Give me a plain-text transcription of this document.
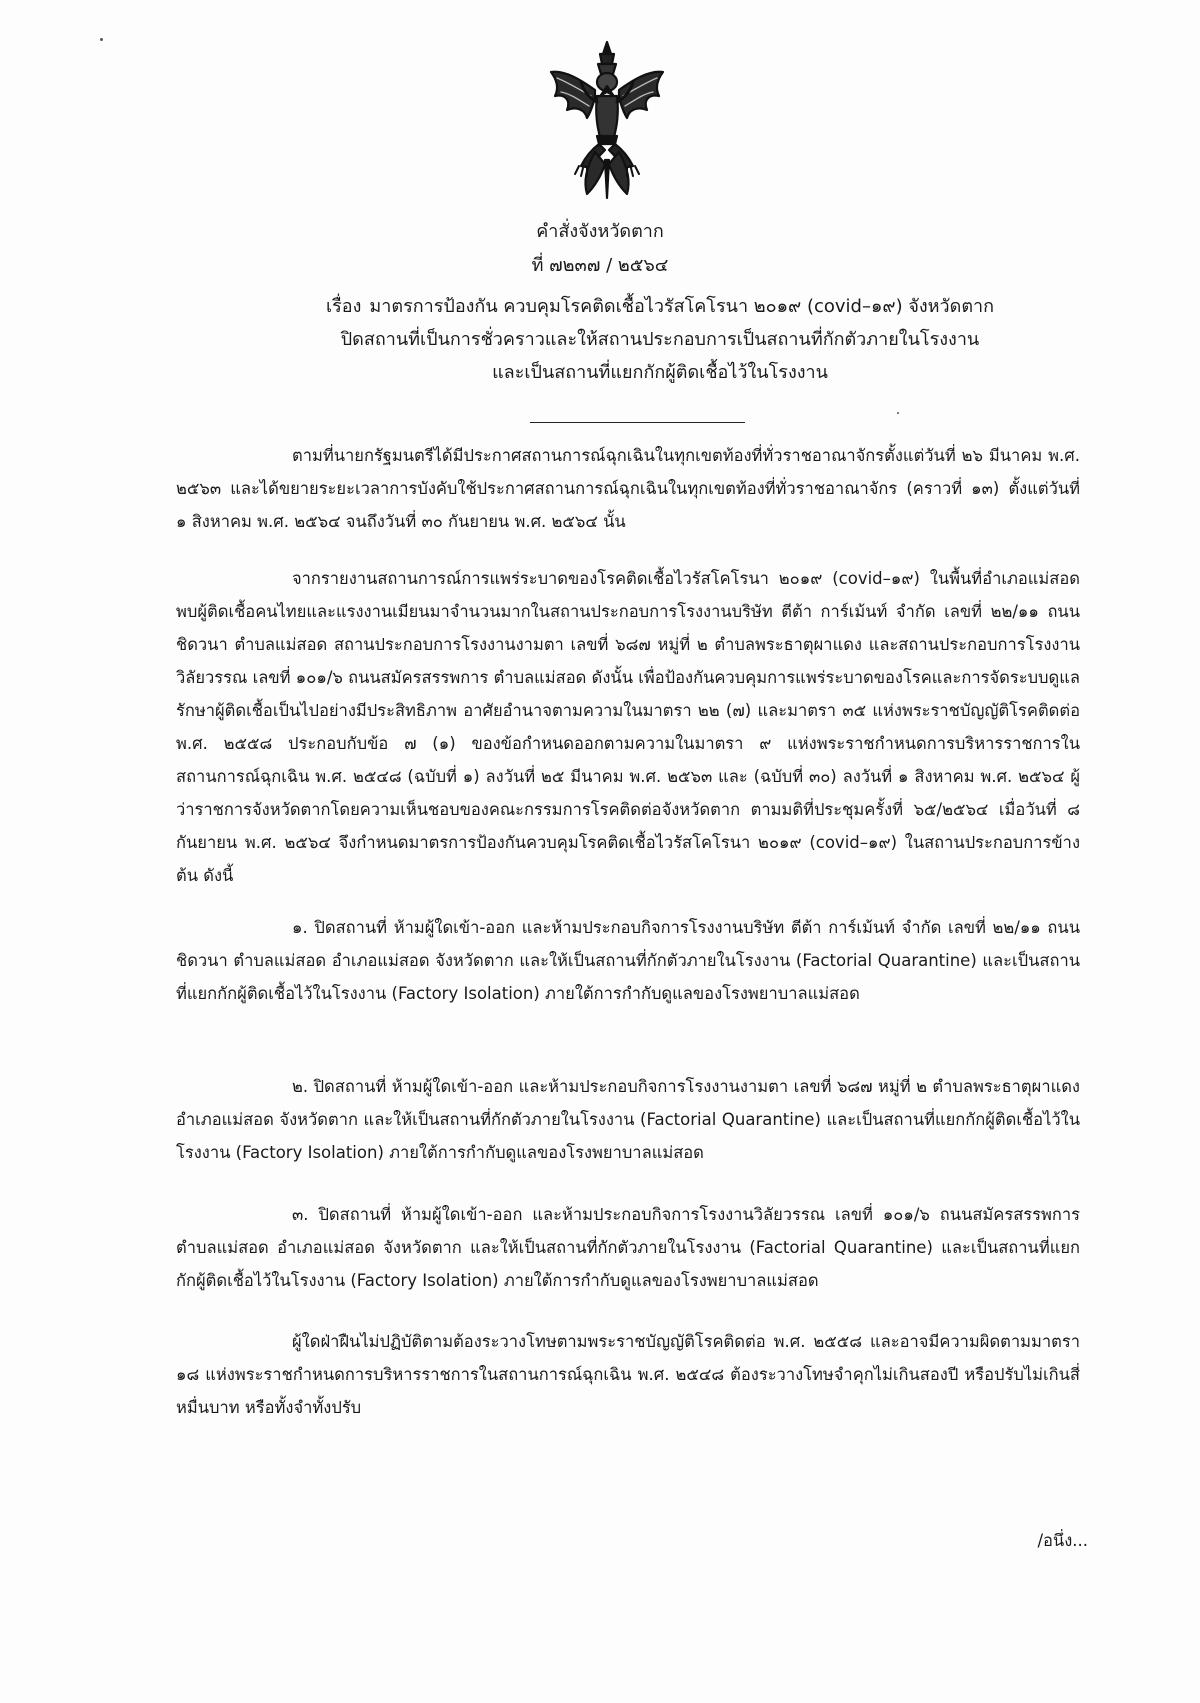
คำสั่งจังหวัดตาก
ที่ ๗๒๓๗ / ๒๕๖๔
เรื่อง มาตรการป้องกัน ควบคุมโรคติดเชื้อไวรัสโคโรนา ๒๐๑๙ (covid–๑๙) จังหวัดตาก
ปิดสถานที่เป็นการชั่วคราวและให้สถานประกอบการเป็นสถานที่กักตัวภายในโรงงาน
และเป็นสถานที่แยกกักผู้ติดเชื้อไว้ในโรงงาน

ตามที่นายกรัฐมนตรีได้มีประกาศสถานการณ์ฉุกเฉินในทุกเขตท้องที่ทั่วราชอาณาจักรตั้งแต่วันที่ ๒๖ มีนาคม พ.ศ. ๒๕๖๓ และได้ขยายระยะเวลาการบังคับใช้ประกาศสถานการณ์ฉุกเฉินในทุกเขตท้องที่ทั่วราชอาณาจักร (คราวที่ ๑๓) ตั้งแต่วันที่ ๑ สิงหาคม พ.ศ. ๒๕๖๔ จนถึงวันที่ ๓๐ กันยายน พ.ศ. ๒๕๖๔ นั้น

จากรายงานสถานการณ์การแพร่ระบาดของโรคติดเชื้อไวรัสโคโรนา ๒๐๑๙ (covid–๑๙) ในพื้นที่อำเภอแม่สอด พบผู้ติดเชื้อคนไทยและแรงงานเมียนมาจำนวนมากในสถานประกอบการโรงงานบริษัท ตีต้า การ์เม้นท์ จำกัด เลขที่ ๒๒/๑๑ ถนนชิดวนา ตำบลแม่สอด สถานประกอบการโรงงานงามตา เลขที่ ๖๘๗ หมู่ที่ ๒ ตำบลพระธาตุผาแดง และสถานประกอบการโรงงานวิลัยวรรณ เลขที่ ๑๐๑/๖ ถนนสมัครสรรพการ ตำบลแม่สอด ดังนั้น เพื่อป้องกันควบคุมการแพร่ระบาดของโรคและการจัดระบบดูแลรักษาผู้ติดเชื้อเป็นไปอย่างมีประสิทธิภาพ อาศัยอำนาจตามความในมาตรา ๒๒ (๗) และมาตรา ๓๕ แห่งพระราชบัญญัติโรคติดต่อ พ.ศ. ๒๕๕๘ ประกอบกับข้อ ๗ (๑) ของข้อกำหนดออกตามความในมาตรา ๙ แห่งพระราชกำหนดการบริหารราชการในสถานการณ์ฉุกเฉิน พ.ศ. ๒๕๔๘ (ฉบับที่ ๑) ลงวันที่ ๒๕ มีนาคม พ.ศ. ๒๕๖๓ และ (ฉบับที่ ๓๐) ลงวันที่ ๑ สิงหาคม พ.ศ. ๒๕๖๔ ผู้ว่าราชการจังหวัดตากโดยความเห็นชอบของคณะกรรมการโรคติดต่อจังหวัดตาก ตามมติที่ประชุมครั้งที่ ๖๕/๒๕๖๔ เมื่อวันที่ ๘ กันยายน พ.ศ. ๒๕๖๔ จึงกำหนดมาตรการป้องกันควบคุมโรคติดเชื้อไวรัสโคโรนา ๒๐๑๙ (covid–๑๙) ในสถานประกอบการข้างต้น ดังนี้

๑. ปิดสถานที่ ห้ามผู้ใดเข้า-ออก และห้ามประกอบกิจการโรงงานบริษัท ตีต้า การ์เม้นท์ จำกัด เลขที่ ๒๒/๑๑ ถนนชิดวนา ตำบลแม่สอด อำเภอแม่สอด จังหวัดตาก และให้เป็นสถานที่กักตัวภายในโรงงาน (Factorial Quarantine) และเป็นสถานที่แยกกักผู้ติดเชื้อไว้ในโรงงาน (Factory Isolation) ภายใต้การกำกับดูแลของโรงพยาบาลแม่สอด

๒. ปิดสถานที่ ห้ามผู้ใดเข้า-ออก และห้ามประกอบกิจการโรงงานงามตา เลขที่ ๖๘๗ หมู่ที่ ๒ ตำบลพระธาตุผาแดง อำเภอแม่สอด จังหวัดตาก และให้เป็นสถานที่กักตัวภายในโรงงาน (Factorial Quarantine) และเป็นสถานที่แยกกักผู้ติดเชื้อไว้ในโรงงาน (Factory Isolation) ภายใต้การกำกับดูแลของโรงพยาบาลแม่สอด

๓. ปิดสถานที่ ห้ามผู้ใดเข้า-ออก และห้ามประกอบกิจการโรงงานวิลัยวรรณ เลขที่ ๑๐๑/๖ ถนนสมัครสรรพการ ตำบลแม่สอด อำเภอแม่สอด จังหวัดตาก และให้เป็นสถานที่กักตัวภายในโรงงาน (Factorial Quarantine) และเป็นสถานที่แยกกักผู้ติดเชื้อไว้ในโรงงาน (Factory Isolation) ภายใต้การกำกับดูแลของโรงพยาบาลแม่สอด

ผู้ใดฝ่าฝืนไม่ปฏิบัติตามต้องระวางโทษตามพระราชบัญญัติโรคติดต่อ พ.ศ. ๒๕๕๘ และอาจมีความผิดตามมาตรา ๑๘ แห่งพระราชกำหนดการบริหารราชการในสถานการณ์ฉุกเฉิน พ.ศ. ๒๕๔๘ ต้องระวางโทษจำคุกไม่เกินสองปี หรือปรับไม่เกินสี่หมื่นบาท หรือทั้งจำทั้งปรับ

/อนึ่ง...
